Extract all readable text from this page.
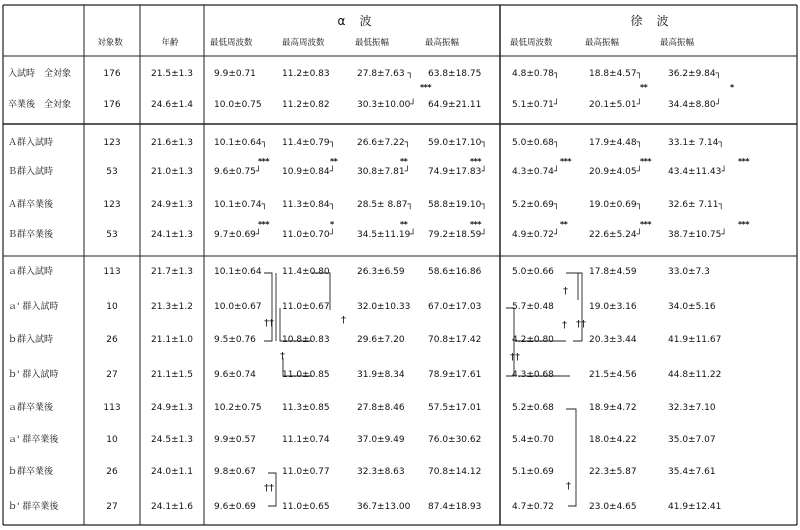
対象数	年齢
α　波	徐　波
最低周波数	最高周波数	最低振幅	最高振幅	最低周波数	最高振幅	最高振幅
入試時　全対象	176	21.5±1.3 9.9±0.71	11.2±0.83	27.8±7.63 ┐ 63.8±18.75	4.8±0.78┐	18.8±4.57┐	36.2±9.84┐
卒業後　全対象	176	24.6±1.4 10.0±0.75 11.2±0.82	30.3±10.00┘ 64.9±21.11	5.1±0.71┘	20.1±5.01┘	34.4±8.80┘
Ａ群入試時	123	21.6±1.3 10.1±0.64┐ 11.4±0.79┐ 26.6±7.22┐ 59.0±17.10┐	5.0±0.68┐	17.9±4.48┐	33.1± 7.14┐
Ｂ群入試時	53	21.0±1.3 9.6±0.75┘ 10.9±0.84┘ 30.8±7.81┘ 74.9±17.83┘	4.3±0.74┘	20.9±4.05┘	43.4±11.43┘
Ａ群卒業後	123	24.9±1.3 10.1±0.74┐ 11.3±0.84┐ 28.5± 8.87┐ 58.8±19.10┐	5.2±0.69┐	19.0±0.69┐	32.6± 7.11┐
Ｂ群卒業後	53	24.1±1.3 9.7±0.69┘ 11.0±0.70┘ 34.5±11.19┘ 79.2±18.59┘	4.9±0.72┘	22.6±5.24┘	38.7±10.75┘
ａ群入試時	113	21.7±1.3 10.1±0.64 11.4±0.80	26.3±6.59	58.6±16.86	5.0±0.66	17.8±4.59	33.0±7.3
ａ' 群入試時	10	21.3±1.2 10.0±0.67 11.0±0.67	32.0±10.33 67.0±17.03	5.7±0.48	19.0±3.16	34.0±5.16
ｂ群入試時	26	21.1±1.0 9.5±0.76	10.8±0.83	29.6±7.20	70.8±17.42	4.2±0.80	20.3±3.44	41.9±11.67
ｂ' 群入試時	27	21.1±1.5 9.6±0.74	11.0±0.85	31.9±8.34	78.9±17.61	4.3±0.68	21.5±4.56	44.8±11.22
ａ群卒業後	113	24.9±1.3 10.2±0.75 11.3±0.85	27.8±8.46	57.5±17.01	5.2±0.68	18.9±4.72	32.3±7.10
ａ' 群卒業後	10	24.5±1.3 9.9±0.57	11.1±0.74	37.0±9.49	76.0±30.62	5.4±0.70	18.0±4.22	35.0±7.07
ｂ群卒業後	26	24.0±1.1 9.8±0.67	11.0±0.77	32.3±8.63	70.8±14.12	5.1±0.69	22.3±5.87	35.4±7.61
ｂ' 群卒業後	27	24.1±1.6 9.6±0.69	11.0±0.65	36.7±13.00 87.4±18.93	4.7±0.72	23.0±4.65	41.9±12.41
***	**	*
***	**	**	***	***	***	***
***	*	**	***	**	***	***
††	†
†
†
† ††
††
††	†
